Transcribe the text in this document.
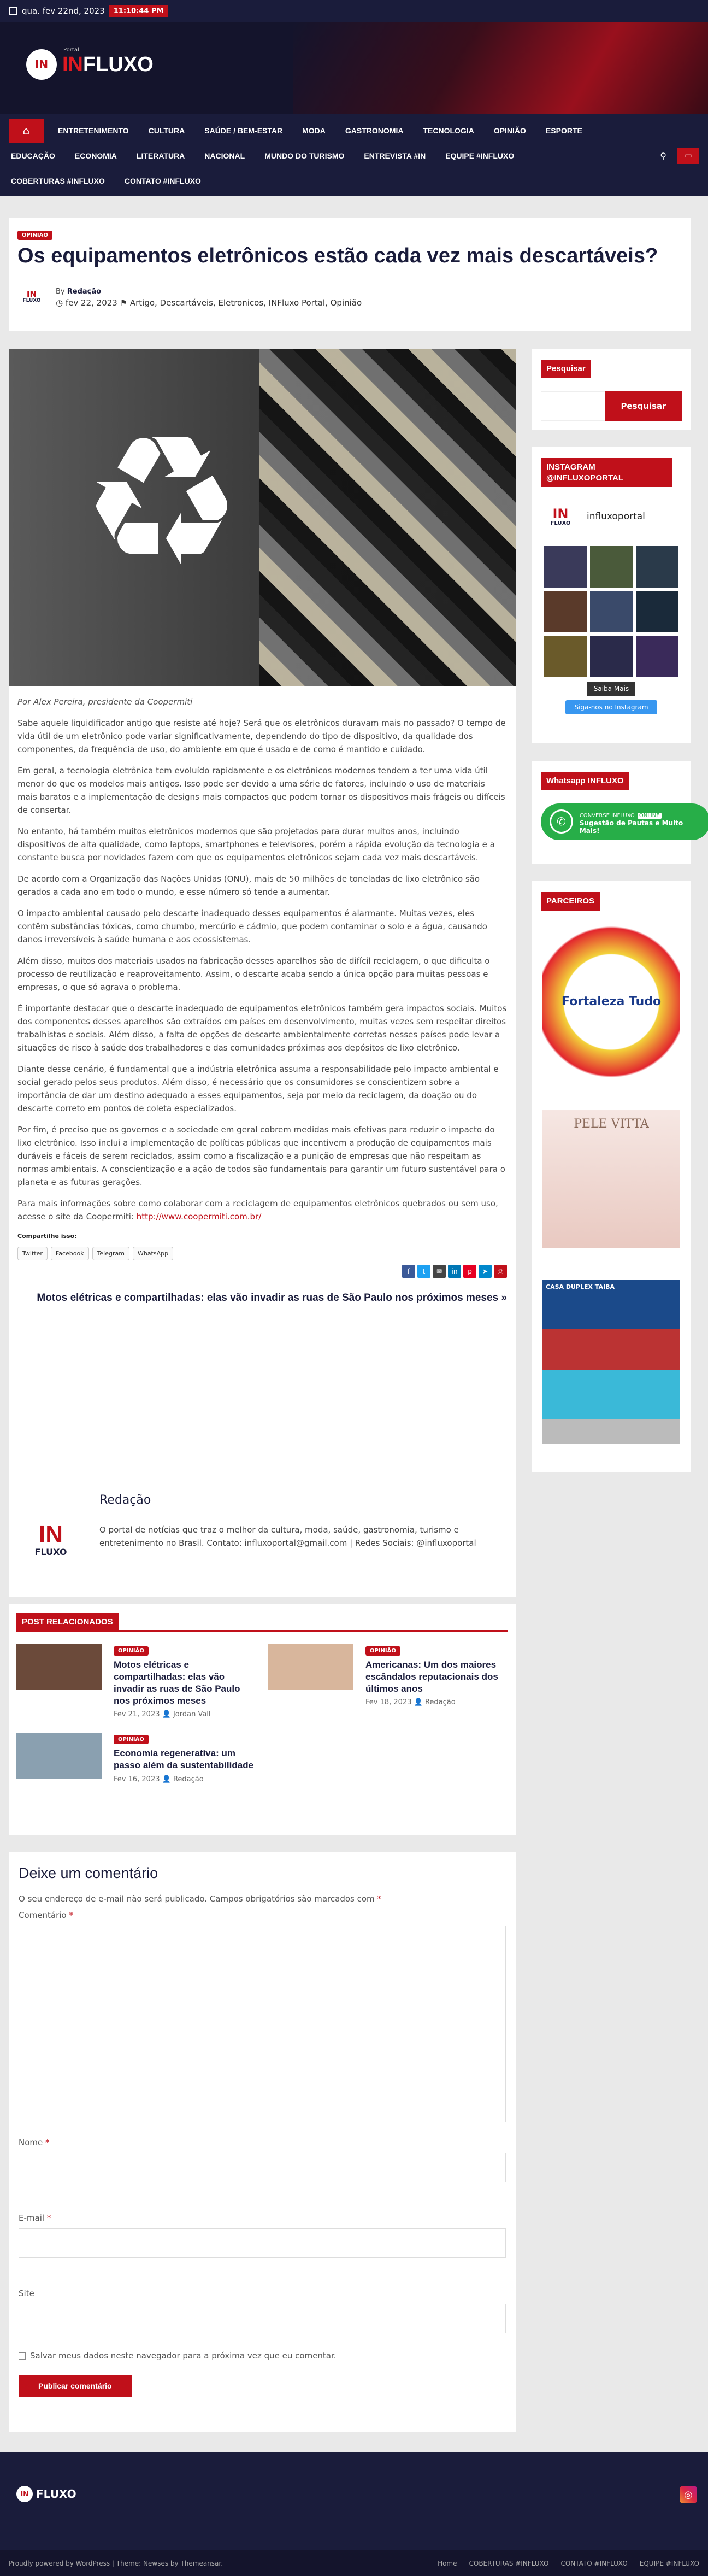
qua. fev 22nd, 2023	11:10:44 PM
IN INFLUXO
Portal
⌂	ENTRETENIMENTO	CULTURA	SAÚDE / BEM-ESTAR	MODA	GASTRONOMIA	TECNOLOGIA	OPINIÃO	ESPORTE
EDUCAÇÃO	ECONOMIA	LITERATURA	NACIONAL	MUNDO DO TURISMO	ENTREVISTA #IN	EQUIPE #INFLUXO	⚲	▭
COBERTURAS #INFLUXO	CONTATO #INFLUXO
OPINIÃO
Os equipamentos eletrônicos estão cada vez mais descartáveis?
IN
FLUXO
By Redação
◷ fev 22, 2023 ⚑ Artigo, Descartáveis, Eletronicos, INFluxo Portal, Opinião
♻

Por Alex Pereira, presidente da Coopermiti

Sabe aquele liquidificador antigo que resiste até hoje? Será que os eletrônicos duravam mais no passado? O tempo de vida útil de um eletrônico pode variar significativamente, dependendo do tipo de dispositivo, da qualidade dos componentes, da frequência de uso, do ambiente em que é usado e de como é mantido e cuidado.

Em geral, a tecnologia eletrônica tem evoluído rapidamente e os eletrônicos modernos tendem a ter uma vida útil menor do que os modelos mais antigos. Isso pode ser devido a uma série de fatores, incluindo o uso de materiais mais baratos e a implementação de designs mais compactos que podem tornar os dispositivos mais frágeis ou difíceis de consertar.

No entanto, há também muitos eletrônicos modernos que são projetados para durar muitos anos, incluindo dispositivos de alta qualidade, como laptops, smartphones e televisores, porém a rápida evolução da tecnologia e a constante busca por novidades fazem com que os equipamentos eletrônicos sejam cada vez mais descartáveis.

De acordo com a Organização das Nações Unidas (ONU), mais de 50 milhões de toneladas de lixo eletrônico são gerados a cada ano em todo o mundo, e esse número só tende a aumentar.

O impacto ambiental causado pelo descarte inadequado desses equipamentos é alarmante. Muitas vezes, eles contêm substâncias tóxicas, como chumbo, mercúrio e cádmio, que podem contaminar o solo e a água, causando danos irreversíveis à saúde humana e aos ecossistemas.

Além disso, muitos dos materiais usados na fabricação desses aparelhos são de difícil reciclagem, o que dificulta o processo de reutilização e reaproveitamento. Assim, o descarte acaba sendo a única opção para muitas pessoas e empresas, o que só agrava o problema.

É importante destacar que o descarte inadequado de equipamentos eletrônicos também gera impactos sociais. Muitos dos componentes desses aparelhos são extraídos em países em desenvolvimento, muitas vezes sem respeitar direitos trabalhistas e sociais. Além disso, a falta de opções de descarte ambientalmente corretas nesses países pode levar a situações de risco à saúde dos trabalhadores e das comunidades próximas aos depósitos de lixo eletrônico.

Diante desse cenário, é fundamental que a indústria eletrônica assuma a responsabilidade pelo impacto ambiental e social gerado pelos seus produtos. Além disso, é necessário que os consumidores se conscientizem sobre a importância de dar um destino adequado a esses equipamentos, seja por meio da reciclagem, da doação ou do descarte correto em pontos de coleta especializados.

Por fim, é preciso que os governos e a sociedade em geral cobrem medidas mais efetivas para reduzir o impacto do lixo eletrônico. Isso inclui a implementação de políticas públicas que incentivem a produção de equipamentos mais duráveis e fáceis de serem reciclados, assim como a fiscalização e a punição de empresas que não respeitam as normas ambientais. A conscientização e a ação de todos são fundamentais para garantir um futuro sustentável para o planeta e as futuras gerações.

Para mais informações sobre como colaborar com a reciclagem de equipamentos eletrônicos quebrados ou sem uso, acesse o site da Coopermiti: http://www.coopermiti.com.br/

Compartilhe isso:
Twitter	Facebook	Telegram	WhatsApp
f	t	✉	in	p	➤	⎙
Motos elétricas e compartilhadas: elas vão invadir as ruas de São Paulo nos próximos meses »
IN
FLUXO
Redação

O portal de notícias que traz o melhor da cultura, moda, saúde, gastronomia, turismo e entretenimento no Brasil. Contato: influxoportal@gmail.com | Redes Sociais: @influxoportal

POST RELACIONADOS
OPINIÃO
Motos elétricas e compartilhadas: elas vão invadir as ruas de São Paulo nos próximos meses
Fev 21, 2023 👤 Jordan Vall
OPINIÃO
Americanas: Um dos maiores escândalos reputacionais dos últimos anos
Fev 18, 2023 👤 Redação
OPINIÃO
Economia regenerativa: um passo além da sustentabilidade
Fev 16, 2023 👤 Redação
Deixe um comentário
O seu endereço de e-mail não será publicado. Campos obrigatórios são marcados com *
Comentário *
Nome *
E-mail *
Site
Salvar meus dados neste navegador para a próxima vez que eu comentar.
Publicar comentário
Pesquisar
Pesquisar
INSTAGRAM @INFLUXOPORTAL
IN
FLUXO
influxoportal
Saiba Mais
Siga-nos no Instagram
Whatsapp INFLUXO
✆	CONVERSE INFLUXO ONLINE
Sugestão de Pautas e Muito Mais!
PARCEIROS
Fortaleza Tudo
PELE VITTA
CASA DUPLEX TAIBA
IN FLUXO	◎
Proudly powered by WordPress | Theme: Newses by Themeansar.	Home COBERTURAS #INFLUXO CONTATO #INFLUXO EQUIPE #INFLUXO
